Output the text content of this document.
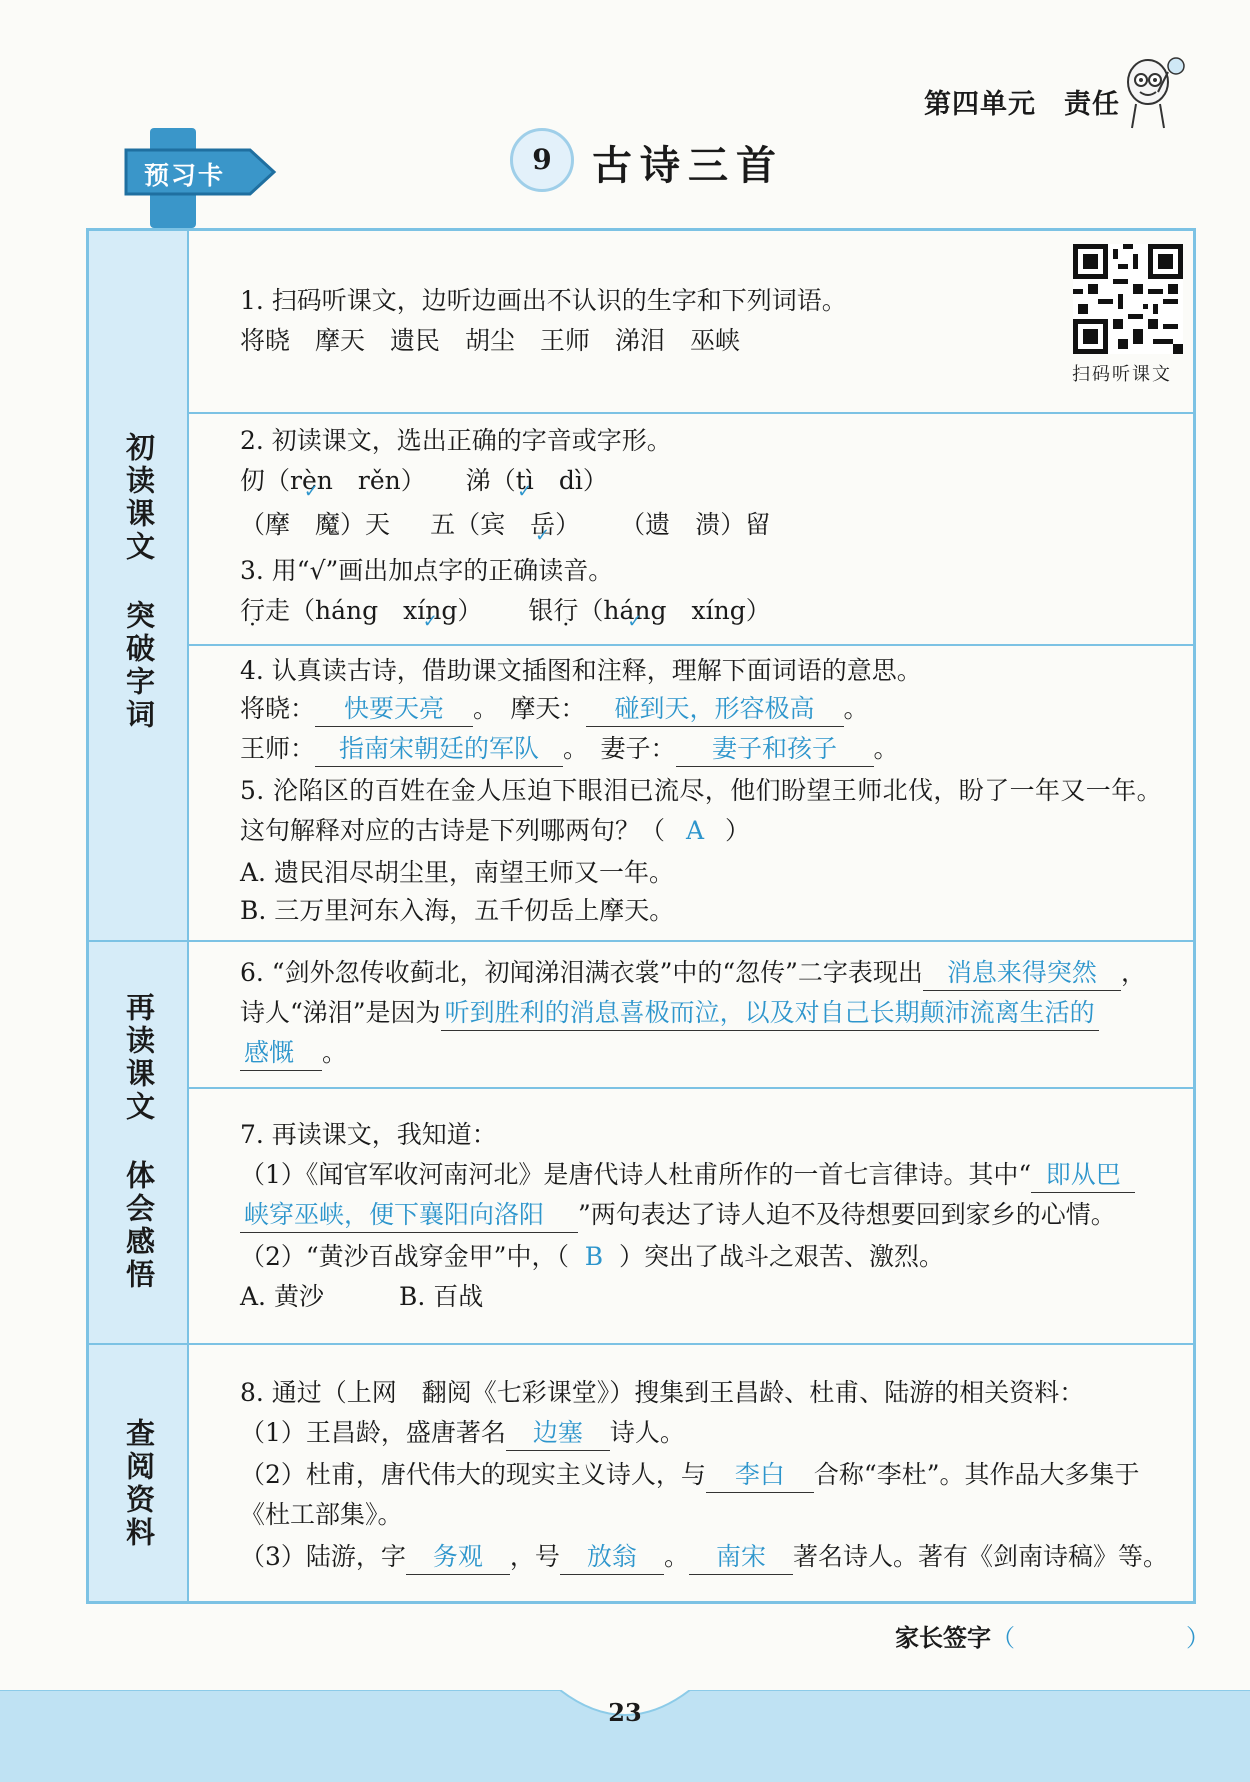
第四单元　责任
预习卡	9	古诗三首
初读课文
突破字词
再读课文
体会感悟
查阅资料
扫码听课文
1. 扫码听课文，边听边画出不认识的生字和下列词语。
将晓　摩天　遗民　胡尘　王师　涕泪　巫峡
2. 初读课文，选出正确的字音或字形。
仞（rèn ✓　 rěn） 涕（tì ✓　 dì）
（摩　 魔）天 五（宾　 岳 ✓） （遗　 溃）留
3. 用“√”画出加点字的正确读音。
行走（háng　xíng ✓） 银行（háng ✓　xíng）
4. 认真读古诗，借助课文插图和注释，理解下面词语的意思。
将晓： 快要天亮 。　摩天： 碰到天，形容极高 。
王师： 指南宋朝廷的军队 。　妻子： 妻子和孩子 。
5. 沦陷区的百姓在金人压迫下眼泪已流尽，他们盼望王师北伐，盼了一年又一年。
这句解释对应的古诗是下列哪两句？（ A ）
A. 遗民泪尽胡尘里，南望王师又一年。
B. 三万里河东入海，五千仞岳上摩天。
6. “剑外忽传收蓟北，初闻涕泪满衣裳”中的“忽传”二字表现出 消息来得突然 ，
诗人“涕泪”是因为 听到胜利的消息喜极而泣，以及对自己长期颠沛流离生活的
感慨 。
7. 再读课文，我知道：
（1）《闻官军收河南河北》是唐代诗人杜甫所作的一首七言律诗。其中“ 即从巴
峡穿巫峡，便下襄阳向洛阳 ”两句表达了诗人迫不及待想要回到家乡的心情。
（2）“黄沙百战穿金甲”中，（ B ）突出了战斗之艰苦、激烈。
A. 黄沙　　　B. 百战
8. 通过（上网　翻阅《七彩课堂》）搜集到王昌龄、杜甫、陆游的相关资料：
（1）王昌龄，盛唐著名 边塞 诗人。
（2）杜甫，唐代伟大的现实主义诗人，与 李白 合称“李杜”。其作品大多集于
《杜工部集》。
（3）陆游，字 务观 ，号 放翁 。 南宋 著名诗人。著有《剑南诗稿》等。
家长签字（	）
23
